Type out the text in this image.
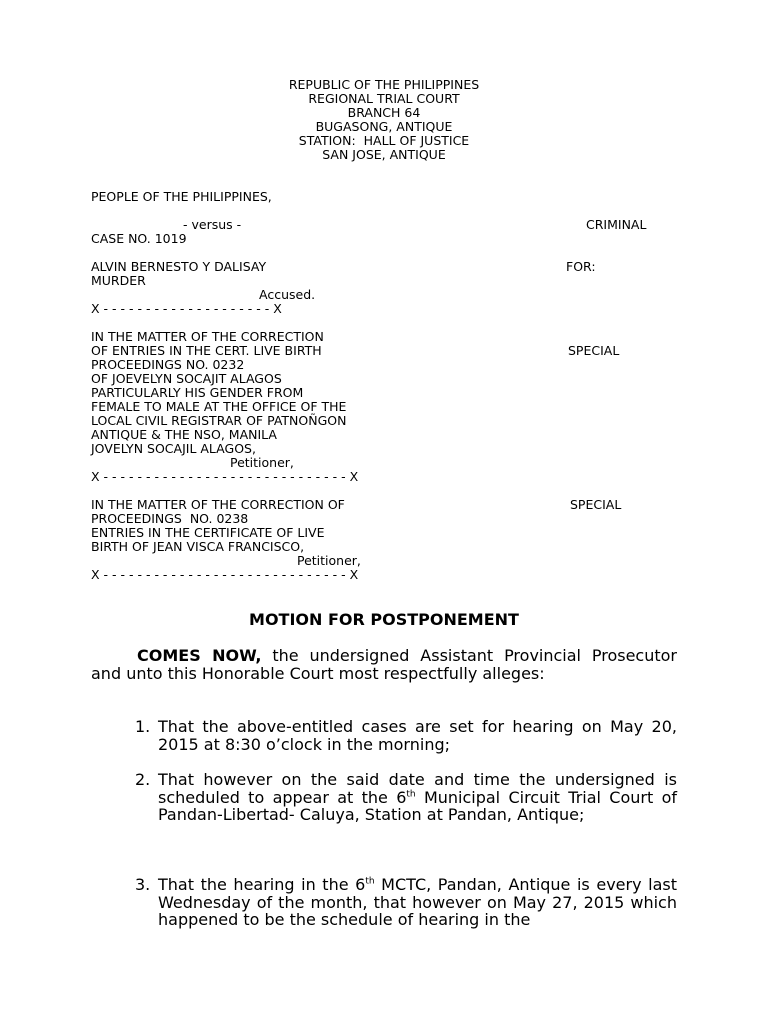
REPUBLIC OF THE PHILIPPINES
REGIONAL TRIAL COURT
BRANCH 64
BUGASONG, ANTIQUE
STATION:  HALL OF JUSTICE
SAN JOSE, ANTIQUE
PEOPLE OF THE PHILIPPINES,
- versus -	CRIMINAL
CASE NO. 1019
ALVIN BERNESTO Y DALISAY	FOR:
MURDER
Accused.
X - - - - - - - - - - - - - - - - - - - - X
IN THE MATTER OF THE CORRECTION
OF ENTRIES IN THE CERT. LIVE BIRTH	SPECIAL
PROCEEDINGS NO. 0232
OF JOEVELYN SOCAJIT ALAGOS
PARTICULARLY HIS GENDER FROM
FEMALE TO MALE AT THE OFFICE OF THE
LOCAL CIVIL REGISTRAR OF PATNOÑGON
ANTIQUE & THE NSO, MANILA
JOVELYN SOCAJIL ALAGOS,
Petitioner,
X - - - - - - - - - - - - - - - - - - - - - - - - - - - - - X
IN THE MATTER OF THE CORRECTION OF	SPECIAL
PROCEEDINGS  NO. 0238
ENTRIES IN THE CERTIFICATE OF LIVE
BIRTH OF JEAN VISCA FRANCISCO,
Petitioner,
X - - - - - - - - - - - - - - - - - - - - - - - - - - - - - X
MOTION FOR POSTPONEMENT
COMES NOW, the undersigned Assistant Provincial Prosecutor and unto this Honorable Court most respectfully alleges:
1. That the above-entitled cases are set for hearing on May 20, 2015 at 8:30 o’clock in the morning;
2. That however on the said date and time the undersigned is scheduled to appear at the 6th Municipal Circuit Trial Court of Pandan-Libertad- Caluya, Station at Pandan, Antique;
3. That the hearing in the 6th MCTC, Pandan, Antique is every last Wednesday of the month, that however on May 27, 2015 which happened to be the schedule of hearing in the
